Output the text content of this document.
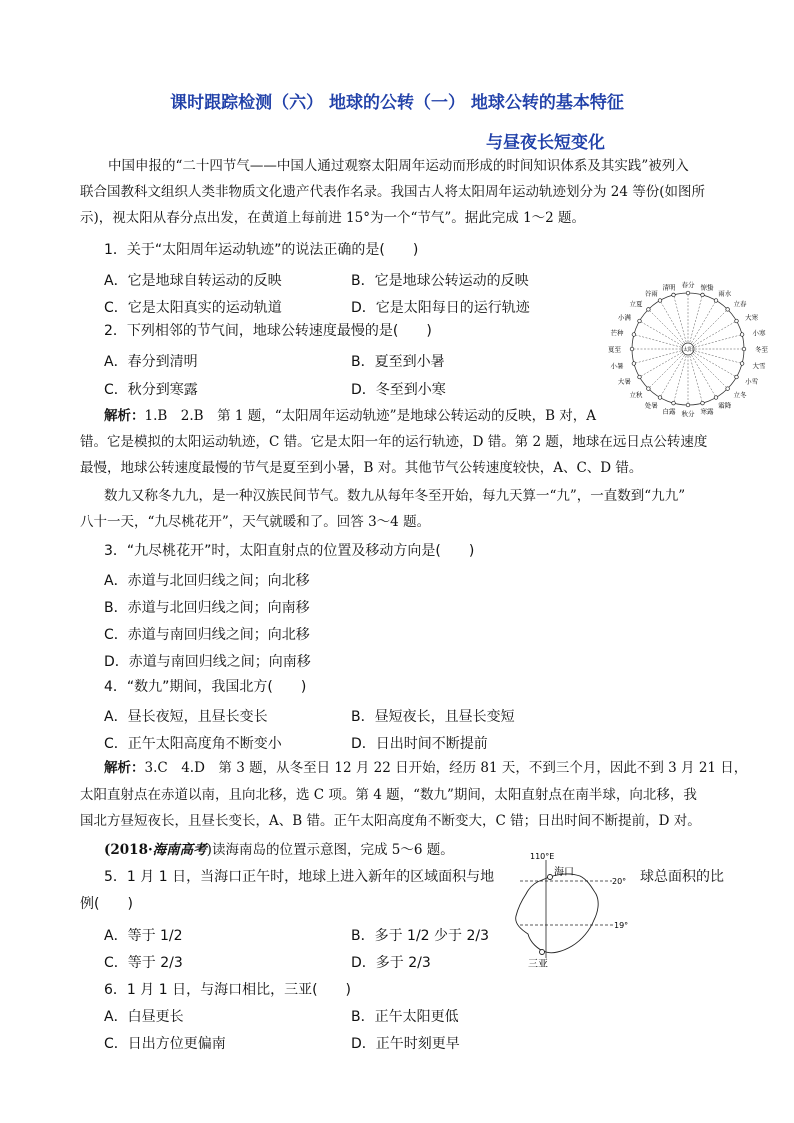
课时跟踪检测（六） 地球的公转（一） 地球公转的基本特征
与昼夜长短变化
中国申报的“二十四节气——中国人通过观察太阳周年运动而形成的时间知识体系及其实践”被列入
联合国教科文组织人类非物质文化遗产代表作名录。我国古人将太阳周年运动轨迹划分为 24 等份(如图所
示)，视太阳从春分点出发，在黄道上每前进 15°为一个“节气”。据此完成 1～2 题。
1．关于“太阳周年运动轨迹”的说法正确的是(　　)
A．它是地球自转运动的反映	B．它是地球公转运动的反映
C．它是太阳真实的运动轨道	D．它是太阳每日的运行轨迹
2．下列相邻的节气间，地球公转速度最慢的是(　　)
A．春分到清明	B．夏至到小暑
C．秋分到寒露	D．冬至到小寒
春分
清明
谷雨
立夏
小满
芒种
夏至
小暑
大暑
立秋
处暑
白露 秋分 寒露
霜降
立冬
小雪
大雪
冬至
小寒
大寒
立春
雨水
惊蛰
太阳
解析：1.B　2.B　第 1 题，“太阳周年运动轨迹”是地球公转运动的反映，B 对，A
错。它是模拟的太阳运动轨迹，C 错。它是太阳一年的运行轨迹，D 错。第 2 题，地球在远日点公转速度
最慢，地球公转速度最慢的节气是夏至到小暑，B 对。其他节气公转速度较快，A、C、D 错。
数九又称冬九九，是一种汉族民间节气。数九从每年冬至开始，每九天算一“九”，一直数到“九九”
八十一天，“九尽桃花开”，天气就暖和了。回答 3～4 题。
3．“九尽桃花开”时，太阳直射点的位置及移动方向是(　　)
A．赤道与北回归线之间；向北移
B．赤道与北回归线之间；向南移
C．赤道与南回归线之间；向北移
D．赤道与南回归线之间；向南移
4．“数九”期间，我国北方(　　)
A．昼长夜短，且昼长变长	B．昼短夜长，且昼长变短
C．正午太阳高度角不断变小	D．日出时间不断提前
解析：3.C　4.D　第 3 题，从冬至日 12 月 22 日开始，经历 81 天，不到三个月，因此不到 3 月 21 日，
太阳直射点在赤道以南，且向北移，选 C 项。第 4 题，“数九”期间，太阳直射点在南半球，向北移，我
国北方昼短夜长，且昼长变长，A、B 错。正午太阳高度角不断变大，C 错；日出时间不断提前，D 对。
(2018·海南高考)读海南岛的位置示意图，完成 5～6 题。
5．1 月 1 日，当海口正午时，地球上进入新年的区域面积与地	球总面积的比
例(　　)
A．等于 1/2	B．多于 1/2 少于 2/3
C．等于 2/3	D．多于 2/3
110°E
海口
20°
19°
三亚
6．1 月 1 日，与海口相比，三亚(　　)
A．白昼更长	B．正午太阳更低
C．日出方位更偏南	D．正午时刻更早
